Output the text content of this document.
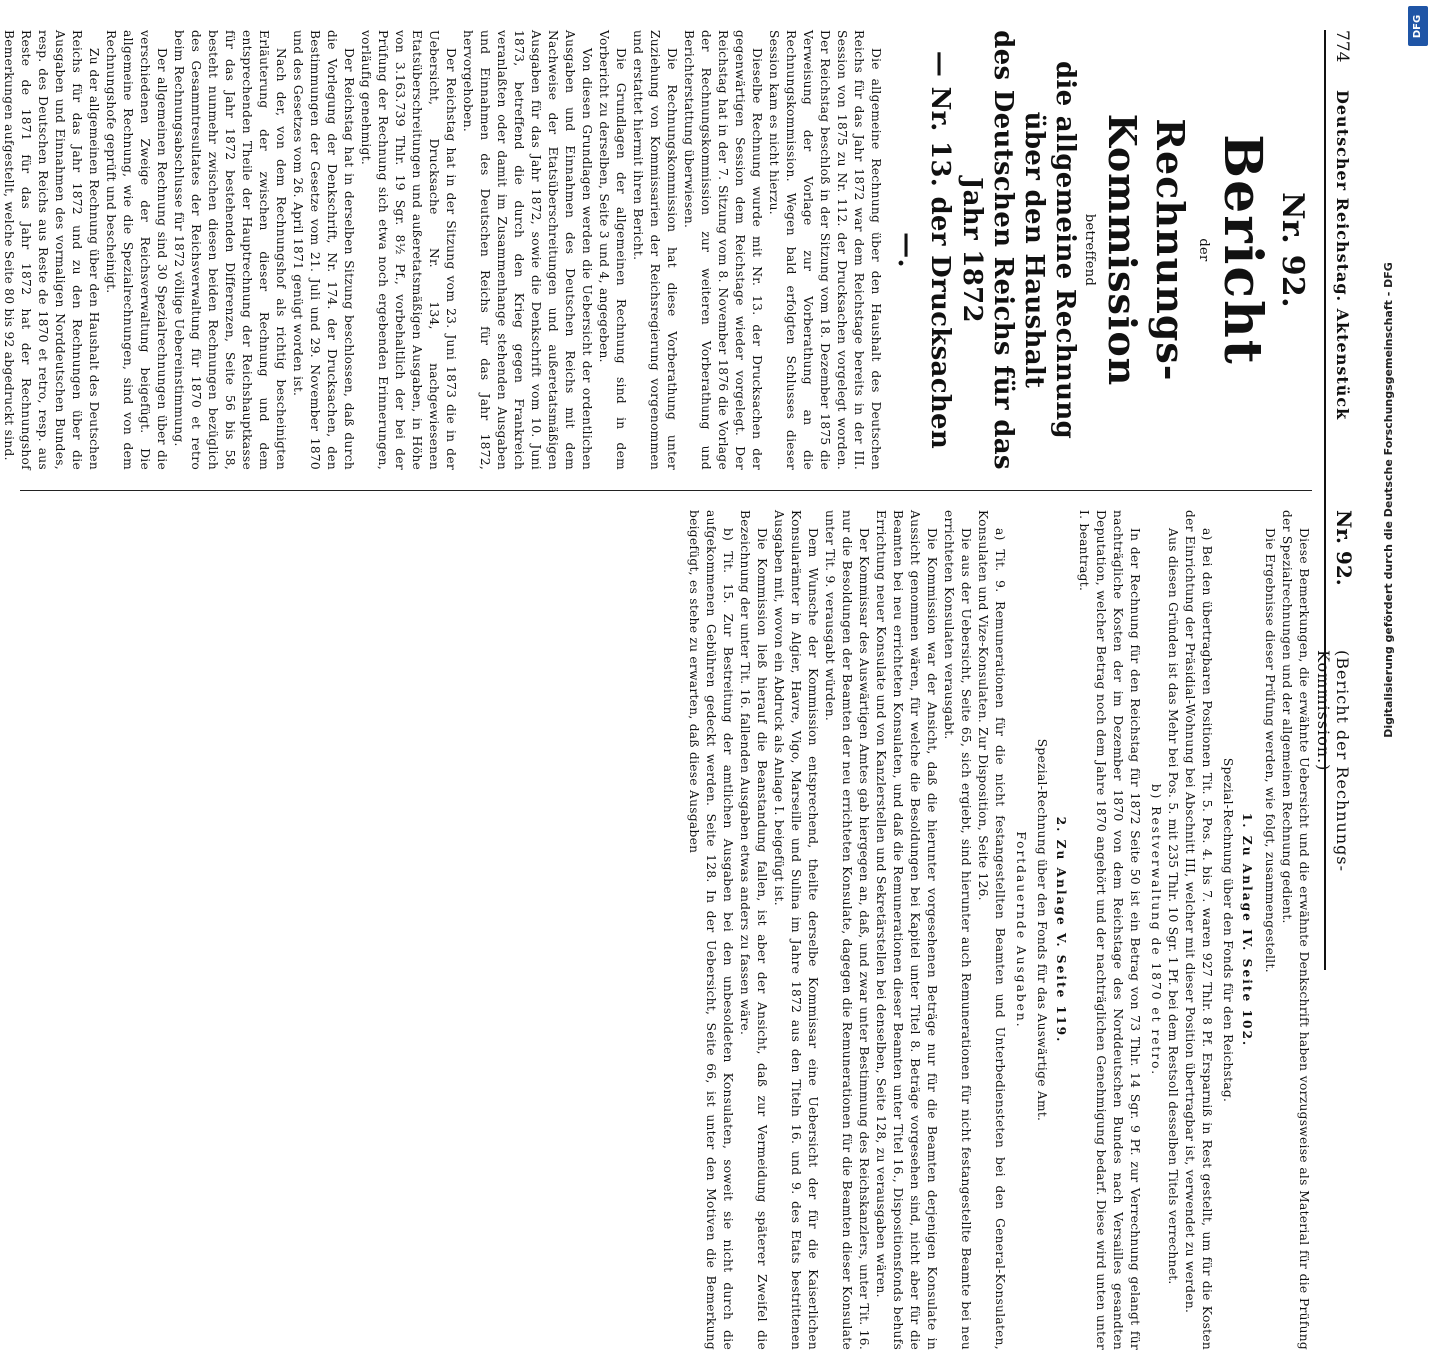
DFG
Digitalisierung gefördert durch die Deutsche Forschungsgemeinschaft - DFG
774
Deutscher Reichstag. Aktenstück
Nr. 92.
(Bericht der Rechnungs-Kommission.)
Nr. 92.
Bericht
der
Rechnungs-Kommission
betreffend
die allgemeine Rechnung über den Haushalt
des Deutschen Reichs für das Jahr 1872
— Nr. 13. der Drucksachen —.

Die allgemeine Rechnung über den Haushalt des Deutschen Reichs für das Jahr 1872 war dem Reichstage bereits in der III. Session von 1875 zu Nr. 112. der Drucksachen vorgelegt worden. Der Reichstag beschloß in der Sitzung vom 18. Dezember 1875 die Verweisung der Vorlage zur Vorberathung an die Rechnungskommission. Wegen bald erfolgten Schlusses dieser Session kam es nicht hierzu.

Dieselbe Rechnung wurde mit Nr. 13. der Drucksachen der gegenwärtigen Session dem Reichstage wieder vorgelegt. Der Reichstag hat in der 7. Sitzung vom 8. November 1876 die Vorlage der Rechnungskommission zur weiteren Vorberathung und Berichterstattung überwiesen.

Die Rechnungskommission hat diese Vorberathung unter Zuziehung von Kommissarien der Reichsregierung vorgenommen und erstattet hiermit ihren Bericht.

Die Grundlagen der allgemeinen Rechnung sind in dem Vorbericht zu derselben, Seite 3 und 4, angegeben.

Von diesen Grundlagen werden die Uebersicht der ordentlichen Ausgaben und Einnahmen des Deutschen Reichs mit dem Nachweise der Etatsüberschreitungen und außeretatsmäßigen Ausgaben für das Jahr 1872, sowie die Denkschrift vom 10. Juni 1873, betreffend die durch den Krieg gegen Frankreich veranlaßten oder damit im Zusammenhange stehenden Ausgaben und Einnahmen des Deutschen Reichs für das Jahr 1872, hervorgehoben.

Der Reichstag hat in der Sitzung vom 23. Juni 1873 die in der Uebersicht, Drucksache Nr. 134, nachgewiesenen Etatsüberschreitungen und außeretatsmäßigen Ausgaben, in Höhe von 3.163.739 Thlr. 19 Sgr. 8½ Pf., vorbehaltlich der bei der Prüfung der Rechnung sich etwa noch ergebenden Erinnerungen, vorläufig genehmigt.

Der Reichstag hat in derselben Sitzung beschlossen, daß durch die Vorlegung der Denkschrift, Nr. 174. der Drucksachen, den Bestimmungen der Gesetze vom 21. Juli und 29. November 1870 und des Gesetzes vom 26. April 1871 genügt worden ist.

Nach der, von dem Rechnungshof als richtig bescheinigten Erläuterung der zwischen dieser Rechnung und dem entsprechenden Theile der Hauptrechnung der Reichshauptkasse für das Jahr 1872 bestehenden Differenzen, Seite 56 bis 58, besteht nunmehr zwischen diesen beiden Rechnungen bezüglich des Gesammtresultates der Reichsverwaltung für 1870 et retro beim Rechnungsabschlusse für 1872 völlige Uebereinstimmung.

Der allgemeinen Rechnung sind 30 Spezialrechnungen über die verschiedenen Zweige der Reichsverwaltung beigefügt. Die allgemeine Rechnung, wie die Spezialrechnungen, sind von dem Rechnungshofe geprüft und bescheinigt.

Zu der allgemeinen Rechnung über den Haushalt des Deutschen Reichs für das Jahr 1872 und zu den Rechnungen über die Ausgaben und Einnahmen des vormaligen Norddeutschen Bundes, resp. des Deutschen Reichs aus Reste de 1870 et retro, resp. aus Reste de 1871 für das Jahr 1872 hat der Rechnungshof Bemerkungen aufgestellt, welche Seite 80 bis 92 abgedruckt sind.

Diese Bemerkungen, die erwähnte Uebersicht und die erwähnte Denkschrift haben vorzugsweise als Material für die Prüfung der Spezialrechnungen und der allgemeinen Rechnung gedient.

Die Ergebnisse dieser Prüfung werden, wie folgt, zusammengestellt.

1. Zu Anlage IV. Seite 102.

Spezial-Rechnung über den Fonds für den Reichstag.

a) Bei den übertragbaren Positionen Tit. 5. Pos. 4. bis 7. waren 927 Thlr. 8 Pf. Ersparniß in Rest gestellt, um für die Kosten der Einrichtung der Präsidial-Wohnung bei Abschnitt III, welcher mit dieser Position übertragbar ist, verwendet zu werden.

Aus diesen Gründen ist das Mehr bei Pos. 5. mit 235 Thlr. 10 Sgr. 1 Pf. bei dem Restsoll desselben Titels verrechnet.

b) Restverwaltung de 1870 et retro.

In der Rechnung für den Reichstag für 1872 Seite 50 ist ein Betrag von 73 Thlr. 14 Sgr. 9 Pf. zur Verrechnung gelangt für nachträgliche Kosten der im Dezember 1870 von dem Reichstage des Norddeutschen Bundes nach Versailles gesandten Deputation, welcher Betrag noch dem Jahre 1870 angehört und der nachträglichen Genehmigung bedarf. Diese wird unten unter I. beantragt.

2. Zu Anlage V. Seite 119.

Spezial-Rechnung über den Fonds für das Auswärtige Amt.

Fortdauernde Ausgaben.

a) Tit. 9. Remunerationen für die nicht festangestellten Beamten und Unterbediensteten bei den General-Konsulaten, Konsulaten und Vize-Konsulaten. Zur Disposition, Seite 126.

Die aus der Uebersicht, Seite 65, sich ergiebt, sind hierunter auch Remunerationen für nicht festangestellte Beamte bei neu errichteten Konsulaten verausgabt.

Die Kommission war der Ansicht, daß die hierunter vorgesehenen Beträge nur für die Beamten derjenigen Konsulate in Aussicht genommen wären, für welche die Besoldungen bei Kapitel unter Titel 8. Beträge vorgesehen sind, nicht aber für die Beamten bei neu errichteten Konsulaten, und daß die Remunerationen dieser Beamten unter Titel 16., Dispositionsfonds behufs Errichtung neuer Konsulate und von Kanzlerstellen und Sekretärstellen bei denselben, Seite 128, zu verausgaben wären.

Der Kommissar des Auswärtigen Amtes gab hiergegen an, daß, und zwar unter Bestimmung des Reichskanzlers, unter Tit. 16. nur die Besoldungen der Beamten der neu errichteten Konsulate, dagegen die Remunerationen für die Beamten dieser Konsulate unter Tit. 9. verausgabt würden.

Dem Wunsche der Kommission entsprechend, theilte derselbe Kommissar eine Uebersicht der für die Kaiserlichen Konsularämter in Algier, Havre, Vigo, Marseille und Sulina im Jahre 1872 aus den Titeln 16. und 9. des Etats bestrittenen Ausgaben mit, wovon ein Abdruck als Anlage I. beigefügt ist.

Die Kommission ließ hierauf die Beanstandung fallen, ist aber der Ansicht, daß zur Vermeidung späterer Zweifel die Bezeichnung der unter Tit. 16. fallenden Ausgaben etwas anders zu fassen wäre.

b) Tit. 15. Zur Bestreitung der amtlichen Ausgaben bei den unbesoldeten Konsulaten, soweit sie nicht durch die aufgekommenen Gebühren gedeckt werden. Seite 128. In der Uebersicht, Seite 66, ist unter den Motiven die Bemerkung beigefügt, es stehe zu erwarten, daß diese Ausgaben
